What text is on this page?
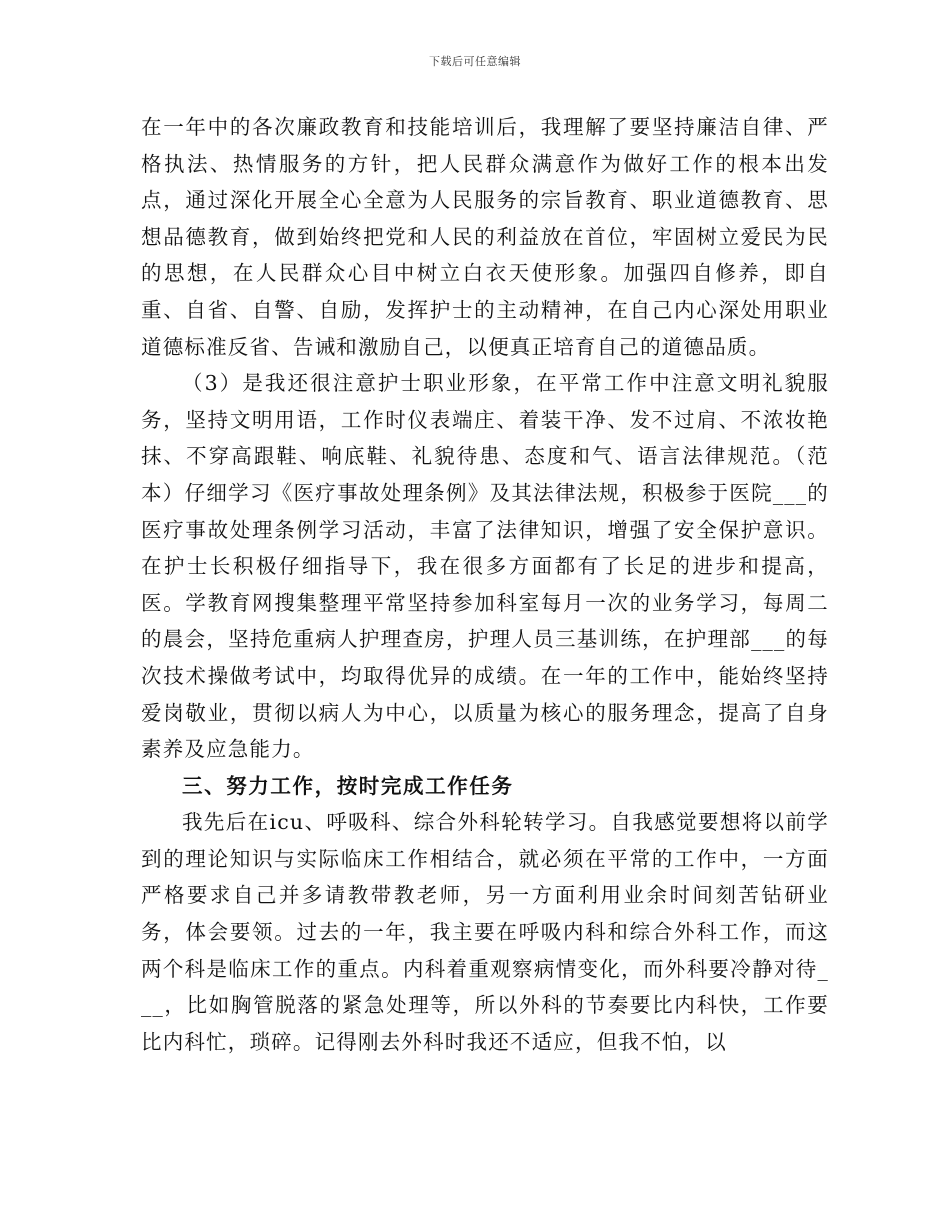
下载后可任意编辑

在一年中的各次廉政教育和技能培训后，我理解了要坚持廉洁自律、严格执法、热情服务的方针，把人民群众满意作为做好工作的根本出发点，通过深化开展全心全意为人民服务的宗旨教育、职业道德教育、思想品德教育，做到始终把党和人民的利益放在首位，牢固树立爱民为民的思想，在人民群众心目中树立白衣天使形象。加强四自修养，即自重、自省、自警、自励，发挥护士的主动精神，在自己内心深处用职业道德标准反省、告诫和激励自己，以便真正培育自己的道德品质。

（3）是我还很注意护士职业形象，在平常工作中注意文明礼貌服务，坚持文明用语，工作时仪表端庄、着装干净、发不过肩、不浓妆艳抹、不穿高跟鞋、响底鞋、礼貌待患、态度和气、语言法律规范。（范本）仔细学习《医疗事故处理条例》及其法律法规，积极参于医院___的医疗事故处理条例学习活动，丰富了法律知识，增强了安全保护意识。在护士长积极仔细指导下，我在很多方面都有了长足的进步和提高，医。学教育网搜集整理平常坚持参加科室每月一次的业务学习，每周二的晨会，坚持危重病人护理查房，护理人员三基训练，在护理部___的每次技术操做考试中，均取得优异的成绩。在一年的工作中，能始终坚持爱岗敬业，贯彻以病人为中心，以质量为核心的服务理念，提高了自身素养及应急能力。

三、努力工作，按时完成工作任务

我先后在icu、呼吸科、综合外科轮转学习。自我感觉要想将以前学到的理论知识与实际临床工作相结合，就必须在平常的工作中，一方面严格要求自己并多请教带教老师，另一方面利用业余时间刻苦钻研业务，体会要领。过去的一年，我主要在呼吸内科和综合外科工作，而这两个科是临床工作的重点。内科着重观察病情变化，而外科要冷静对待___，比如胸管脱落的紧急处理等，所以外科的节奏要比内科快，工作要比内科忙，琐碎。记得刚去外科时我还不适应，但我不怕，以
